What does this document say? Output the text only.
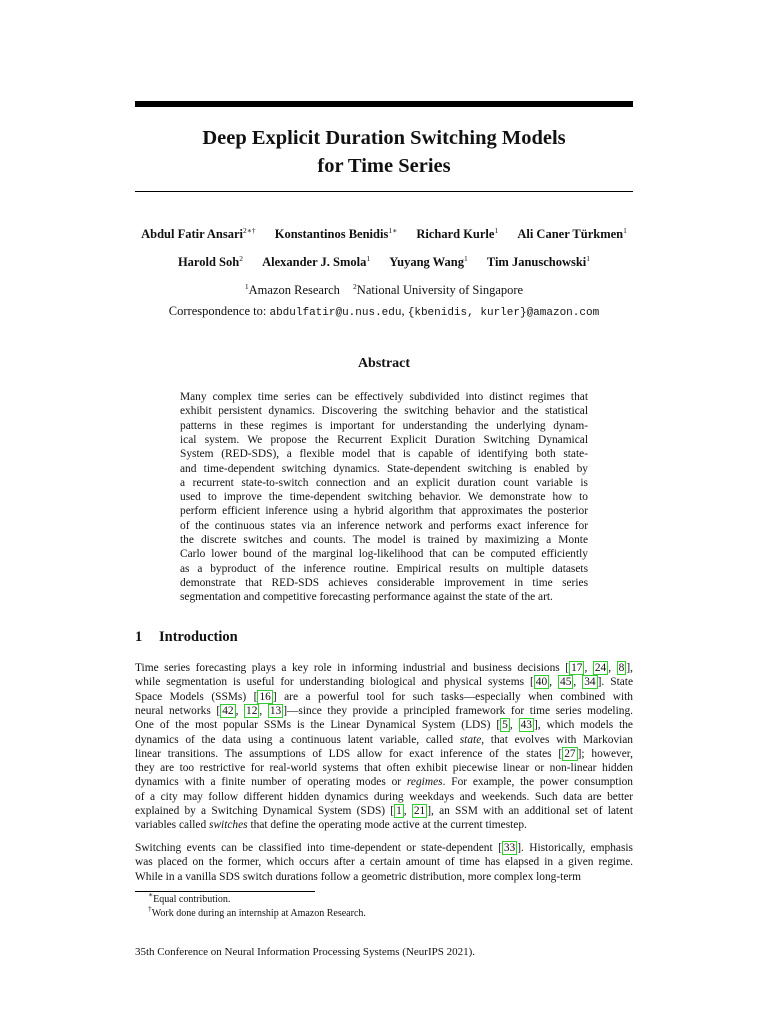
Deep Explicit Duration Switching Models
for Time Series
Abdul Fatir Ansari$^{2∗\dagger}$ Konstantinos Benidis$^{1∗}$ Richard Kurle$^1$ Ali Caner Türkmen$^1$
Harold Soh$^2$ Alexander J. Smola$^1$ Yuyang Wang$^1$ Tim Januschowski$^1$
$^1$Amazon Research $^2$National University of Singapore
Correspondence to: abdulfatir@u.nus.edu, {kbenidis, kurler}@amazon.com
Abstract
Many complex time series can be effectively subdivided into distinct regimes that
exhibit persistent dynamics. Discovering the switching behavior and the statistical
patterns in these regimes is important for understanding the underlying dynam-
ical system. We propose the Recurrent Explicit Duration Switching Dynamical
System (RED-SDS), a flexible model that is capable of identifying both state-
and time-dependent switching dynamics. State-dependent switching is enabled by
a recurrent state-to-switch connection and an explicit duration count variable is
used to improve the time-dependent switching behavior. We demonstrate how to
perform efficient inference using a hybrid algorithm that approximates the posterior
of the continuous states via an inference network and performs exact inference for
the discrete switches and counts. The model is trained by maximizing a Monte
Carlo lower bound of the marginal log-likelihood that can be computed efficiently
as a byproduct of the inference routine. Empirical results on multiple datasets
demonstrate that RED-SDS achieves considerable improvement in time series
segmentation and competitive forecasting performance against the state of the art.
1 Introduction
Time series forecasting plays a key role in informing industrial and business decisions [ 17 , 24 , 8 ],
while segmentation is useful for understanding biological and physical systems [ 40 , 45 , 34 ]. State
Space Models (SSMs) [ 16 ] are a powerful tool for such tasks—especially when combined with
neural networks [ 42 , 12 , 13 ]—since they provide a principled framework for time series modeling.
One of the most popular SSMs is the Linear Dynamical System (LDS) [ 5 , 43 ], which models the
dynamics of the data using a continuous latent variable, called state, that evolves with Markovian
linear transitions. The assumptions of LDS allow for exact inference of the states [ 27 ]; however,
they are too restrictive for real-world systems that often exhibit piecewise linear or non-linear hidden
dynamics with a finite number of operating modes or regimes. For example, the power consumption
of a city may follow different hidden dynamics during weekdays and weekends. Such data are better
explained by a Switching Dynamical System (SDS) [ 1 , 21 ], an SSM with an additional set of latent
variables called switches that define the operating mode active at the current timestep.
Switching events can be classified into time-dependent or state-dependent [ 33 ]. Historically, emphasis
was placed on the former, which occurs after a certain amount of time has elapsed in a given regime.
While in a vanilla SDS switch durations follow a geometric distribution, more complex long-term
∗Equal contribution.
†Work done during an internship at Amazon Research.
35th Conference on Neural Information Processing Systems (NeurIPS 2021).
